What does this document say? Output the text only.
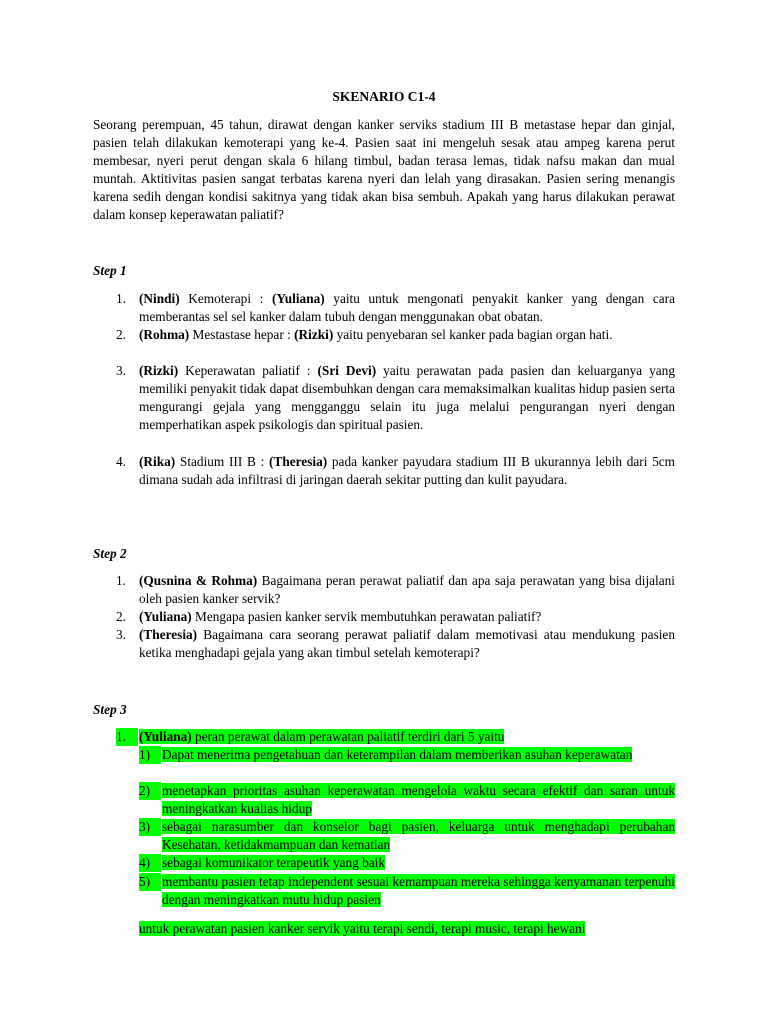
SKENARIO C1-4
Seorang perempuan, 45 tahun, dirawat dengan kanker serviks stadium III B metastase hepar dan ginjal, pasien telah dilakukan kemoterapi yang ke-4. Pasien saat ini mengeluh sesak atau ampeg karena perut membesar, nyeri perut dengan skala 6 hilang timbul, badan terasa lemas, tidak nafsu makan dan mual muntah. Aktitivitas pasien sangat terbatas karena nyeri dan lelah yang dirasakan. Pasien sering menangis karena sedih dengan kondisi sakitnya yang tidak akan bisa sembuh. Apakah yang harus dilakukan perawat dalam konsep keperawatan paliatif?
Step 1
1. (Nindi) Kemoterapi : (Yuliana) yaitu untuk mengonati penyakit kanker yang dengan cara memberantas sel sel kanker dalam tubuh dengan menggunakan obat obatan.
2. (Rohma) Mestastase hepar : (Rizki) yaitu penyebaran sel kanker pada bagian organ hati.
3. (Rizki) Keperawatan paliatif : (Sri Devi) yaitu perawatan pada pasien dan keluarganya yang memiliki penyakit tidak dapat disembuhkan dengan cara memaksimalkan kualitas hidup pasien serta mengurangi gejala yang mengganggu selain itu juga melalui pengurangan nyeri dengan memperhatikan aspek psikologis dan spiritual pasien.
4. (Rika) Stadium III B : (Theresia) pada kanker payudara stadium III B ukurannya lebih dari 5cm dimana sudah ada infiltrasi di jaringan daerah sekitar putting dan kulit payudara.
Step 2
1. (Qusnina & Rohma) Bagaimana peran perawat paliatif dan apa saja perawatan yang bisa dijalani oleh pasien kanker servik?
2. (Yuliana) Mengapa pasien kanker servik membutuhkan perawatan paliatif?
3. (Theresia) Bagaimana cara seorang perawat paliatif dalam memotivasi atau mendukung pasien ketika menghadapi gejala yang akan timbul setelah kemoterapi?
Step 3
1. (Yuliana) peran perawat dalam perawatan paliatif terdiri dari 5 yaitu
1) Dapat menerima pengetahuan dan keterampilan dalam memberikan asuhan keperawatan
2) menetapkan prioritas asuhan keperawatan mengelola waktu secara efektif dan saran untuk meningkatkan kualias hidup
3) sebagai narasumber dan konselor bagi pasien, keluarga untuk menghadapi perubahan Kesehatan, ketidakmampuan dan kematian
4) sebagai komunikator terapeutik yang baik
5) membantu pasien tetap independent sesuai kemampuan mereka sehingga kenyamanan terpenuhi dengan meningkatkan mutu hidup pasien
untuk perawatan pasien kanker servik yaitu terapi sendi, terapi music, terapi hewani
